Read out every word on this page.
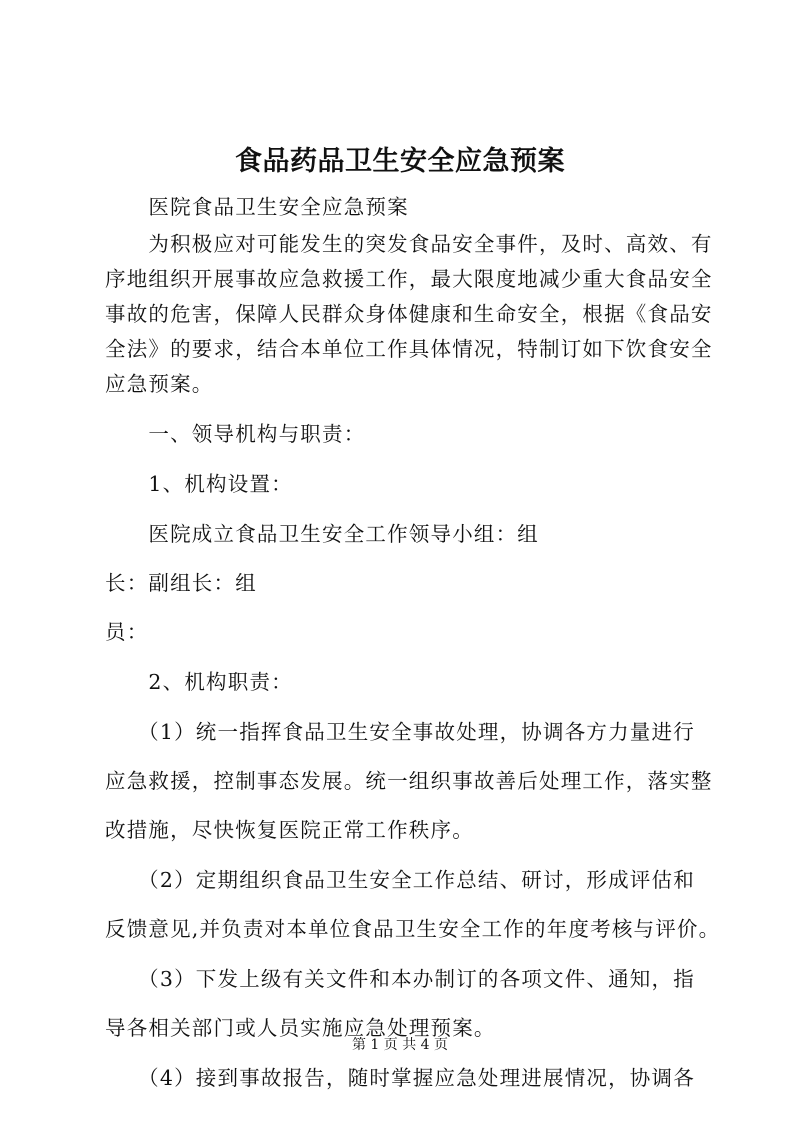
食品药品卫生安全应急预案
　　医院食品卫生安全应急预案
　　为积极应对可能发生的突发食品安全事件，及时、高效、有
序地组织开展事故应急救援工作，最大限度地减少重大食品安全
事故的危害，保障人民群众身体健康和生命安全，根据《食品安
全法》的要求，结合本单位工作具体情况，特制订如下饮食安全
应急预案。
　　一、领导机构与职责：
　　1、机构设置：
　　医院成立食品卫生安全工作领导小组：组
长：副组长：组
员：
　　2、机构职责：
　　（1）统一指挥食品卫生安全事故处理，协调各方力量进行
应急救援，控制事态发展。统一组织事故善后处理工作，落实整
改措施，尽快恢复医院正常工作秩序。
　　（2）定期组织食品卫生安全工作总结、研讨，形成评估和
反馈意见,并负责对本单位食品卫生安全工作的年度考核与评价。
　　（3）下发上级有关文件和本办制订的各项文件、通知，指
导各相关部门或人员实施应急处理预案。
　　（4）接到事故报告，随时掌握应急处理进展情况，协调各
第 1 页 共 4 页
